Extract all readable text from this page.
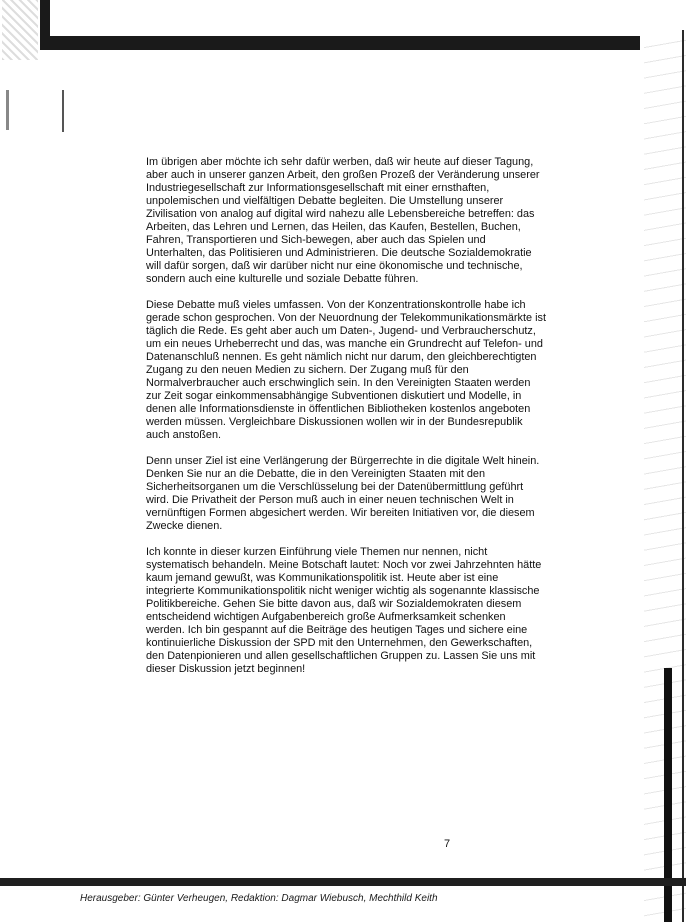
Im übrigen aber möchte ich sehr dafür werben, daß wir heute auf dieser Tagung,
aber auch in unserer ganzen Arbeit, den großen Prozeß der Veränderung unserer
Industriegesellschaft zur Informationsgesellschaft mit einer ernsthaften,
unpolemischen und vielfältigen Debatte begleiten. Die Umstellung unserer
Zivilisation von analog auf digital wird nahezu alle Lebensbereiche betreffen: das
Arbeiten, das Lehren und Lernen, das Heilen, das Kaufen, Bestellen, Buchen,
Fahren, Transportieren und Sich-bewegen, aber auch das Spielen und
Unterhalten, das Politisieren und Administrieren. Die deutsche Sozialdemokratie
will dafür sorgen, daß wir darüber nicht nur eine ökonomische und technische,
sondern auch eine kulturelle und soziale Debatte führen.

Diese Debatte muß vieles umfassen. Von der Konzentrationskontrolle habe ich
gerade schon gesprochen. Von der Neuordnung der Telekommunikationsmärkte ist
täglich die Rede. Es geht aber auch um Daten-, Jugend- und Verbraucherschutz,
um ein neues Urheberrecht und das, was manche ein Grundrecht auf Telefon- und
Datenanschluß nennen. Es geht nämlich nicht nur darum, den gleichberechtigten
Zugang zu den neuen Medien zu sichern. Der Zugang muß für den
Normalverbraucher auch erschwinglich sein. In den Vereinigten Staaten werden
zur Zeit sogar einkommensabhängige Subventionen diskutiert und Modelle, in
denen alle Informationsdienste in öffentlichen Bibliotheken kostenlos angeboten
werden müssen. Vergleichbare Diskussionen wollen wir in der Bundesrepublik
auch anstoßen.

Denn unser Ziel ist eine Verlängerung der Bürgerrechte in die digitale Welt hinein.
Denken Sie nur an die Debatte, die in den Vereinigten Staaten mit den
Sicherheitsorganen um die Verschlüsselung bei der Datenübermittlung geführt
wird. Die Privatheit der Person muß auch in einer neuen technischen Welt in
vernünftigen Formen abgesichert werden. Wir bereiten Initiativen vor, die diesem
Zwecke dienen.

Ich konnte in dieser kurzen Einführung viele Themen nur nennen, nicht
systematisch behandeln. Meine Botschaft lautet: Noch vor zwei Jahrzehnten hätte
kaum jemand gewußt, was Kommunikationspolitik ist. Heute aber ist eine
integrierte Kommunikationspolitik nicht weniger wichtig als sogenannte klassische
Politikbereiche. Gehen Sie bitte davon aus, daß wir Sozialdemokraten diesem
entscheidend wichtigen Aufgabenbereich große Aufmerksamkeit schenken
werden. Ich bin gespannt auf die Beiträge des heutigen Tages und sichere eine
kontinuierliche Diskussion der SPD mit den Unternehmen, den Gewerkschaften,
den Datenpionieren und allen gesellschaftlichen Gruppen zu. Lassen Sie uns mit
dieser Diskussion jetzt beginnen!

7
Herausgeber: Günter Verheugen, Redaktion: Dagmar Wiebusch, Mechthild Keith
